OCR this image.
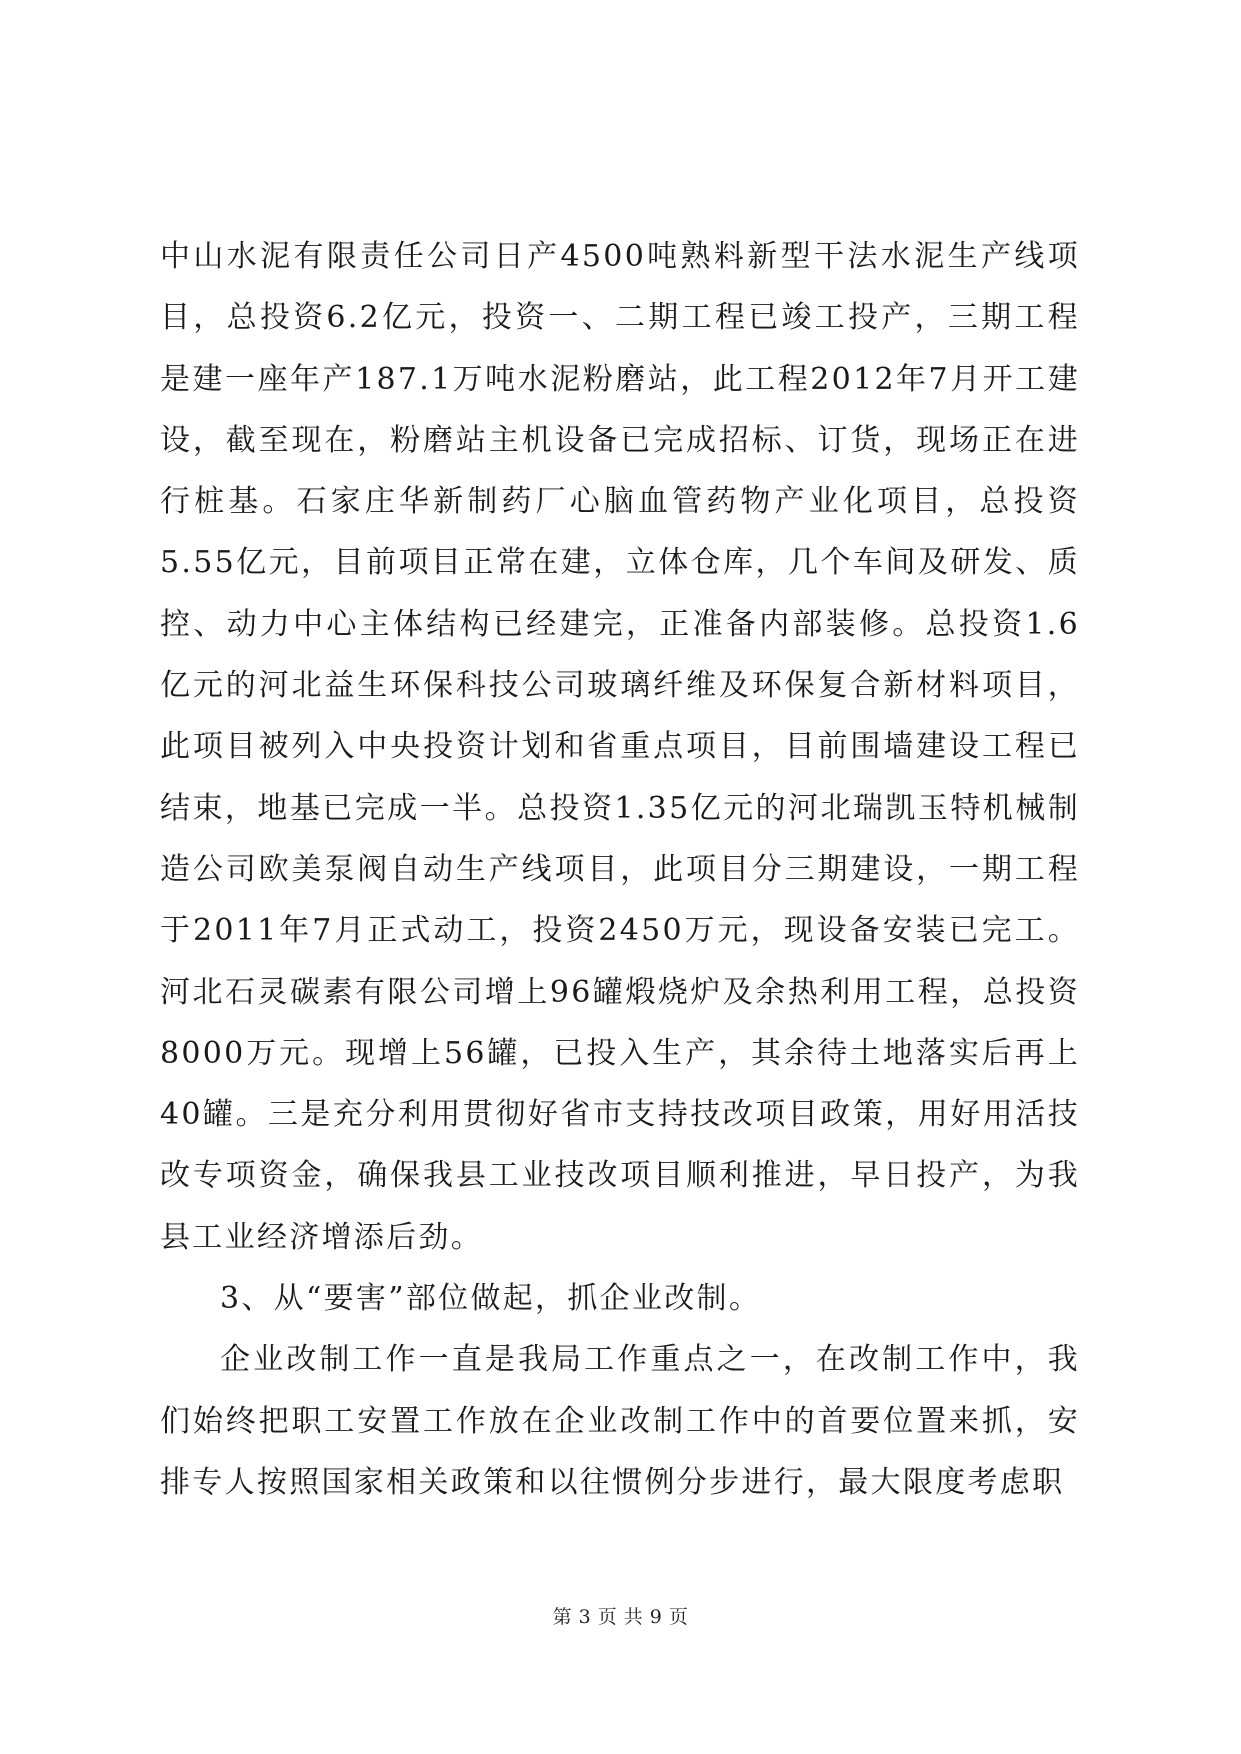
中山水泥有限责任公司日产4500吨熟料新型干法水泥生产线项目，总投资6.2亿元，投资一、二期工程已竣工投产，三期工程是建一座年产187.1万吨水泥粉磨站，此工程2012年7月开工建设，截至现在，粉磨站主机设备已完成招标、订货，现场正在进行桩基。石家庄华新制药厂心脑血管药物产业化项目，总投资5.55亿元，目前项目正常在建，立体仓库，几个车间及研发、质控、动力中心主体结构已经建完，正准备内部装修。总投资1.6亿元的河北益生环保科技公司玻璃纤维及环保复合新材料项目，此项目被列入中央投资计划和省重点项目，目前围墙建设工程已结束，地基已完成一半。总投资1.35亿元的河北瑞凯玉特机械制造公司欧美泵阀自动生产线项目，此项目分三期建设，一期工程于2011年7月正式动工，投资2450万元，现设备安装已完工。河北石灵碳素有限公司增上96罐煅烧炉及余热利用工程，总投资8000万元。现增上56罐，已投入生产，其余待土地落实后再上40罐。三是充分利用贯彻好省市支持技改项目政策，用好用活技改专项资金，确保我县工业技改项目顺利推进，早日投产，为我县工业经济增添后劲。

3、从“要害”部位做起，抓企业改制。

企业改制工作一直是我局工作重点之一，在改制工作中，我们始终把职工安置工作放在企业改制工作中的首要位置来抓，安排专人按照国家相关政策和以往惯例分步进行，最大限度考虑职

第 3 页 共 9 页
